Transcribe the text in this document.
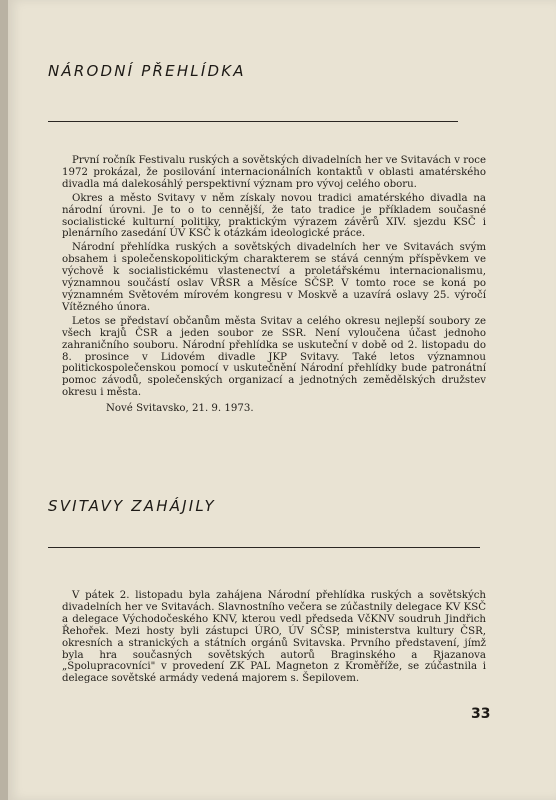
NÁRODNÍ PŘEHLÍDKA

První ročník Festivalu ruských a sovětských divadelních her ve Svitavách v roce 1972 prokázal, že posilování internacionálních kontaktů v oblasti amatérského divadla má dalekosáhlý perspektivní význam pro vývoj celého oboru.

Okres a město Svitavy v něm získaly novou tradici amatérského divadla na národní úrovni. Je to o to cennější, že tato tradice je příkladem současné socialistické kulturní politiky, praktickým výrazem závěrů XIV. sjezdu KSČ i plenárního zasedání ÚV KSČ k otázkám ideologické práce.

Národní přehlídka ruských a sovětských divadelních her ve Svitavách svým obsahem i společenskopolitickým charakterem se stává cenným příspěvkem ve výchově k socialistickému vlastenectví a proletářskému internacionalismu, významnou součástí oslav VŘSR a Měsíce SČSP. V tomto roce se koná po významném Světovém mírovém kongresu v Moskvě a uzavírá oslavy 25. výročí Vítězného února.

Letos se představí občanům města Svitav a celého okresu nejlepší soubory ze všech krajů ČSR a jeden soubor ze SSR. Není vyloučena účast jednoho zahraničního souboru. Národní přehlídka se uskuteční v době od 2. listopadu do 8. prosince v Lidovém divadle JKP Svitavy. Také letos významnou politickospolečenskou pomocí v uskutečnění Národní přehlídky bude patronátní pomoc závodů, společenských organizací a jednotných zemědělských družstev okresu i města.

Nové Svitavsko, 21. 9. 1973.

SVITAVY ZAHÁJILY

V pátek 2. listopadu byla zahájena Národní přehlídka ruských a sovětských divadelních her ve Svitavách. Slavnostního večera se zúčastnily delegace KV KSČ a delegace Východočeského KNV, kterou vedl předseda VčKNV soudruh Jindřich Řehořek. Mezi hosty byli zástupci ÚRO, ÚV SČSP, ministerstva kultury ČSR, okresních a stranických a státních orgánů Svitavska. Prvního představení, jímž byla hra současných sovětských autorů Braginského a Rjazanova „Spolupracovníci" v provedení ZK PAL Magneton z Kroměříže, se zúčastnila i delegace sovětské armády vedená majorem s. Šepilovem.

33
